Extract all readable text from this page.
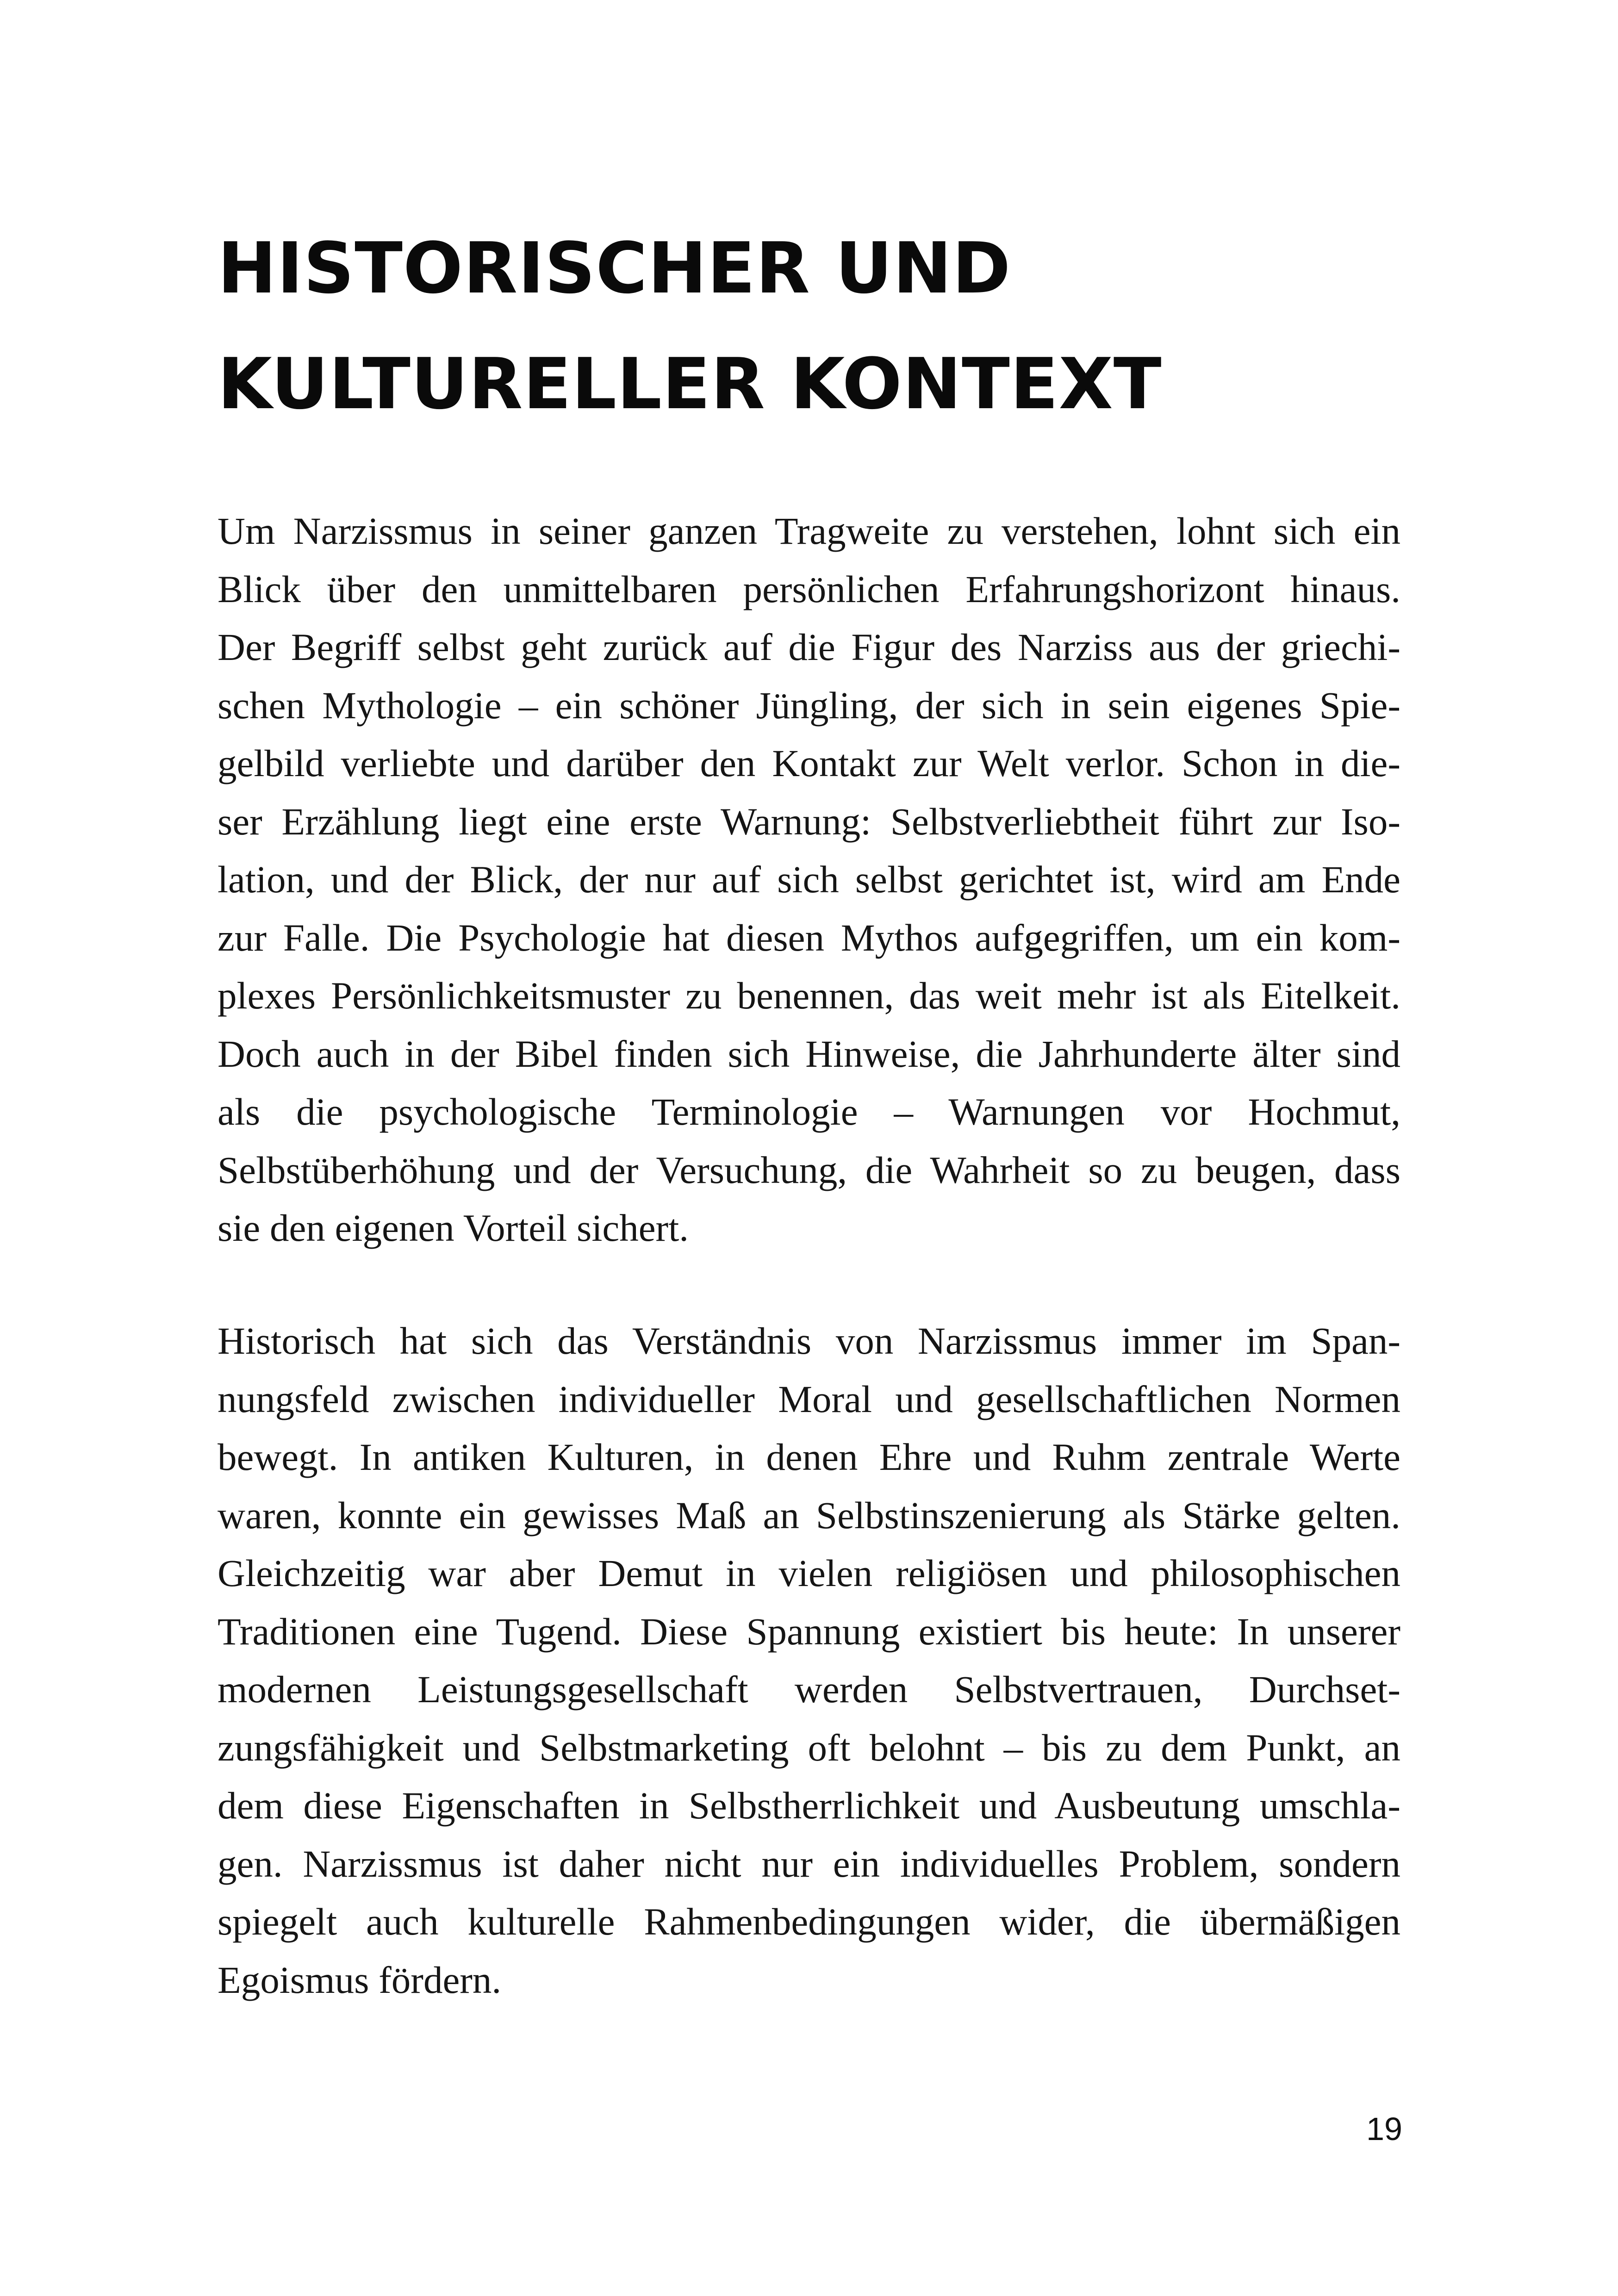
HISTORISCHER UND
KULTURELLER KONTEXT
Um Narzissmus in seiner ganzen Tragweite zu verstehen, lohnt sich ein
Blick über den unmittelbaren persönlichen Erfahrungshorizont hinaus.
Der Begriff selbst geht zurück auf die Figur des Narziss aus der griechi-
schen Mythologie – ein schöner Jüngling, der sich in sein eigenes Spie-
gelbild verliebte und darüber den Kontakt zur Welt verlor. Schon in die-
ser Erzählung liegt eine erste Warnung: Selbstverliebtheit führt zur Iso-
lation, und der Blick, der nur auf sich selbst gerichtet ist, wird am Ende
zur Falle. Die Psychologie hat diesen Mythos aufgegriffen, um ein kom-
plexes Persönlichkeitsmuster zu benennen, das weit mehr ist als Eitelkeit.
Doch auch in der Bibel finden sich Hinweise, die Jahrhunderte älter sind
als die psychologische Terminologie – Warnungen vor Hochmut,
Selbstüberhöhung und der Versuchung, die Wahrheit so zu beugen, dass
sie den eigenen Vorteil sichert.
Historisch hat sich das Verständnis von Narzissmus immer im Span-
nungsfeld zwischen individueller Moral und gesellschaftlichen Normen
bewegt. In antiken Kulturen, in denen Ehre und Ruhm zentrale Werte
waren, konnte ein gewisses Maß an Selbstinszenierung als Stärke gelten.
Gleichzeitig war aber Demut in vielen religiösen und philosophischen
Traditionen eine Tugend. Diese Spannung existiert bis heute: In unserer
modernen Leistungsgesellschaft werden Selbstvertrauen, Durchset-
zungsfähigkeit und Selbstmarketing oft belohnt – bis zu dem Punkt, an
dem diese Eigenschaften in Selbstherrlichkeit und Ausbeutung umschla-
gen. Narzissmus ist daher nicht nur ein individuelles Problem, sondern
spiegelt auch kulturelle Rahmenbedingungen wider, die übermäßigen
Egoismus fördern.
19
